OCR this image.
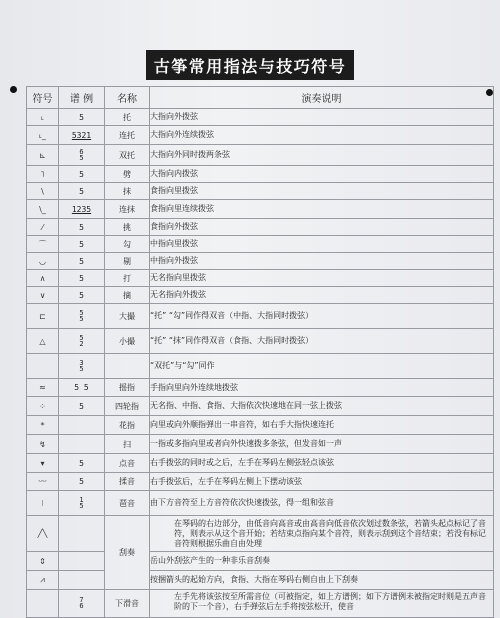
古筝常用指法与技巧符号
符号	谱 例	名称	演奏说明
˪	5	托	大指向外拨弦
˪_	5321	连托	大指向外连续拨弦
⊾	6 5	双托	大指向外同时拨两条弦
˥	5	劈	大指向内拨弦
\	5	抹	食指向里拨弦
\_	1235	连抹	食指向里连续拨弦
⁄	5	挑	食指向外拨弦
⌒	5	勾	中指向里拨弦
◡	5	剔	中指向外拨弦
∧	5	打	无名指向里拨弦
∨	5	摘	无名指向外拨弦
⊏	5 5	大撮	“托” “勾”同作得双音（中指、大指同时拨弦）
△	5 2	小撮	“托” “抹”同作得双音（食指、大指同时拨弦）
	3 5		“双托”与“勾”同作
≈	5 5	摇指	手指向里向外连续地拨弦
⁘	5	四轮指	无名指、中指、食指、大指依次快速地在同一弦上拨弦
*		花指	向里或向外顺指弹出一串音符，如右手大指快速连托
↯		扫	一指或多指向里或者向外快速拨多条弦，但发音如一声
▾	5	点音	右手拨弦的同时或之后，左手在琴码左侧弦轻点该弦
〰	5	揉音	右手拨弦后，左手在琴码左侧上下摆动该弦
⁝	1 5	琶音	由下方音符至上方音符依次快速拨弦，得一组和弦音
╱╲		刮奏	在琴码的右边部分，由低音向高音或由高音向低音依次划过数条弦，若箭头起点标记了音符，则表示从这个音开始；若结束点指向某个音符，则表示刮到这个音结束；若没有标记音符则根据乐曲自由处理
⇕			岳山外刮弦产生的一种非乐音刮奏
⩘			按捆箭头的起始方向，食指、大指在琴码右侧自由上下刮奏
	7 6	下滑音	左手先将该弦按至所需音位（可被指定，如上方谱例；如下方谱例未被指定时则是五声音阶的下一个音），右手弹弦后左手将按弦松开，使音
